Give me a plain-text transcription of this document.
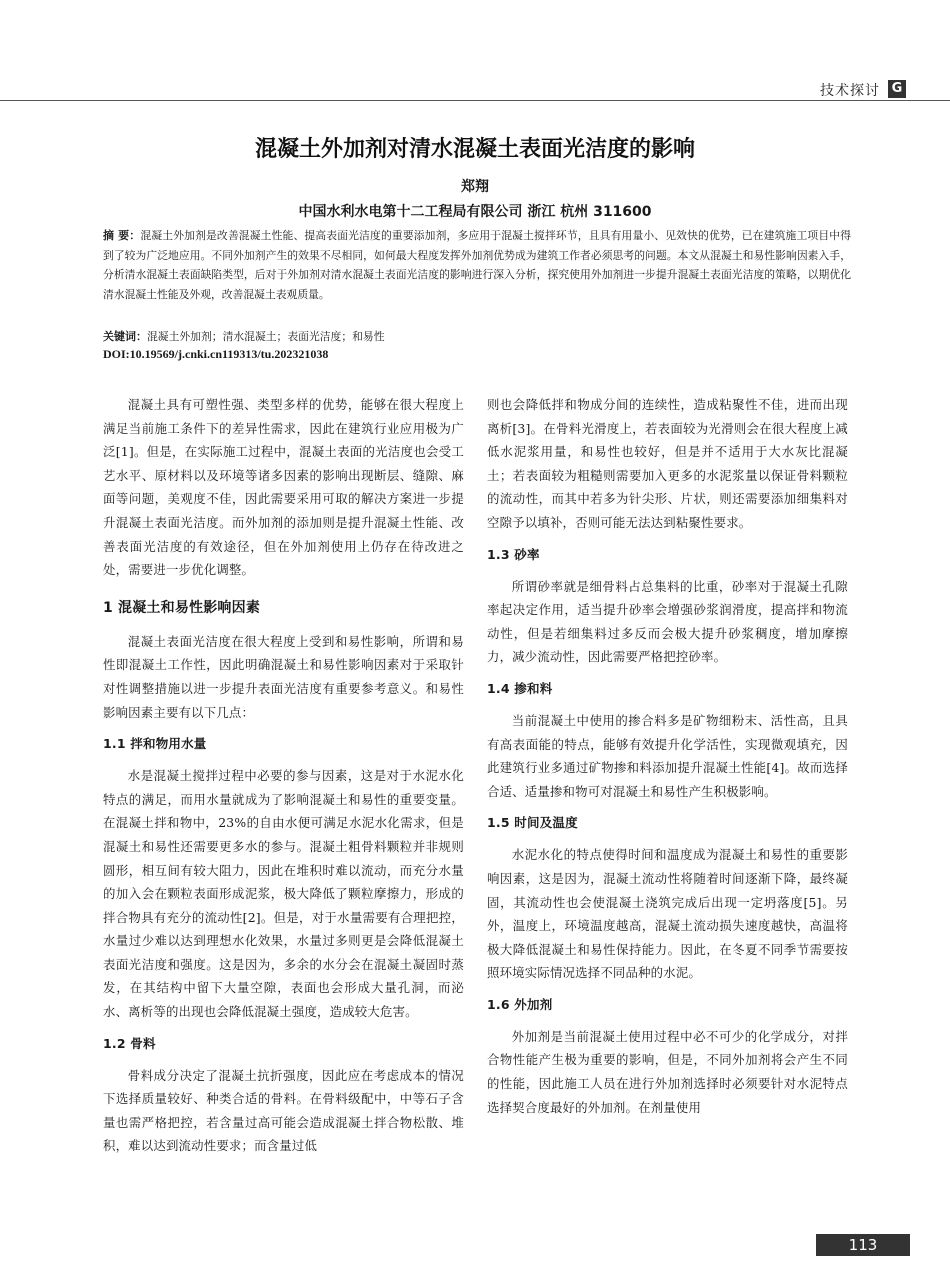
技术探讨 G
混凝土外加剂对清水混凝土表面光洁度的影响
郑翔
中国水利水电第十二工程局有限公司 浙江 杭州 311600
摘 要：混凝土外加剂是改善混凝土性能、提高表面光洁度的重要添加剂，多应用于混凝土搅拌环节，且具有用量小、见效快的优势，已在建筑施工项目中得到了较为广泛地应用。不同外加剂产生的效果不尽相同，如何最大程度发挥外加剂优势成为建筑工作者必须思考的问题。本文从混凝土和易性影响因素入手，分析清水混凝土表面缺陷类型，后对于外加剂对清水混凝土表面光洁度的影响进行深入分析，探究使用外加剂进一步提升混凝土表面光洁度的策略，以期优化清水混凝土性能及外观，改善混凝土表观质量。
关键词：混凝土外加剂；清水混凝土；表面光洁度；和易性
DOI:10.19569/j.cnki.cn119313/tu.202321038

混凝土具有可塑性强、类型多样的优势，能够在很大程度上满足当前施工条件下的差异性需求，因此在建筑行业应用极为广泛[1]。但是，在实际施工过程中，混凝土表面的光洁度也会受工艺水平、原材料以及环境等诸多因素的影响出现断层、缝隙、麻面等问题，美观度不佳，因此需要采用可取的解决方案进一步提升混凝土表面光洁度。而外加剂的添加则是提升混凝土性能、改善表面光洁度的有效途径，但在外加剂使用上仍存在待改进之处，需要进一步优化调整。

1 混凝土和易性影响因素

混凝土表面光洁度在很大程度上受到和易性影响，所谓和易性即混凝土工作性，因此明确混凝土和易性影响因素对于采取针对性调整措施以进一步提升表面光洁度有重要参考意义。和易性影响因素主要有以下几点：

1.1 拌和物用水量

水是混凝土搅拌过程中必要的参与因素，这是对于水泥水化特点的满足，而用水量就成为了影响混凝土和易性的重要变量。在混凝土拌和物中，23%的自由水便可满足水泥水化需求，但是混凝土和易性还需要更多水的参与。混凝土粗骨料颗粒并非规则圆形，相互间有较大阻力，因此在堆积时难以流动，而充分水量的加入会在颗粒表面形成泥浆，极大降低了颗粒摩擦力，形成的拌合物具有充分的流动性[2]。但是，对于水量需要有合理把控，水量过少难以达到理想水化效果，水量过多则更是会降低混凝土表面光洁度和强度。这是因为，多余的水分会在混凝土凝固时蒸发，在其结构中留下大量空隙，表面也会形成大量孔洞，而泌水、离析等的出现也会降低混凝土强度，造成较大危害。

1.2 骨料

骨料成分决定了混凝土抗折强度，因此应在考虑成本的情况下选择质量较好、种类合适的骨料。在骨料级配中，中等石子含量也需严格把控，若含量过高可能会造成混凝土拌合物松散、堆积，难以达到流动性要求；而含量过低

则也会降低拌和物成分间的连续性，造成粘聚性不佳，进而出现离析[3]。在骨料光滑度上，若表面较为光滑则会在很大程度上减低水泥浆用量，和易性也较好，但是并不适用于大水灰比混凝土；若表面较为粗糙则需要加入更多的水泥浆量以保证骨料颗粒的流动性，而其中若多为针尖形、片状，则还需要添加细集料对空隙予以填补，否则可能无法达到粘聚性要求。

1.3 砂率

所谓砂率就是细骨料占总集料的比重，砂率对于混凝土孔隙率起决定作用，适当提升砂率会增强砂浆润滑度，提高拌和物流动性，但是若细集料过多反而会极大提升砂浆稠度，增加摩擦力，减少流动性，因此需要严格把控砂率。

1.4 掺和料

当前混凝土中使用的掺合料多是矿物细粉末、活性高，且具有高表面能的特点，能够有效提升化学活性，实现微观填充，因此建筑行业多通过矿物掺和料添加提升混凝土性能[4]。故而选择合适、适量掺和物可对混凝土和易性产生积极影响。

1.5 时间及温度

水泥水化的特点使得时间和温度成为混凝土和易性的重要影响因素，这是因为，混凝土流动性将随着时间逐渐下降，最终凝固，其流动性也会使混凝土浇筑完成后出现一定坍落度[5]。另外，温度上，环境温度越高，混凝土流动损失速度越快，高温将极大降低混凝土和易性保持能力。因此，在冬夏不同季节需要按照环境实际情况选择不同品种的水泥。

1.6 外加剂

外加剂是当前混凝土使用过程中必不可少的化学成分，对拌合物性能产生极为重要的影响，但是，不同外加剂将会产生不同的性能，因此施工人员在进行外加剂选择时必须要针对水泥特点选择契合度最好的外加剂。在剂量使用

113
